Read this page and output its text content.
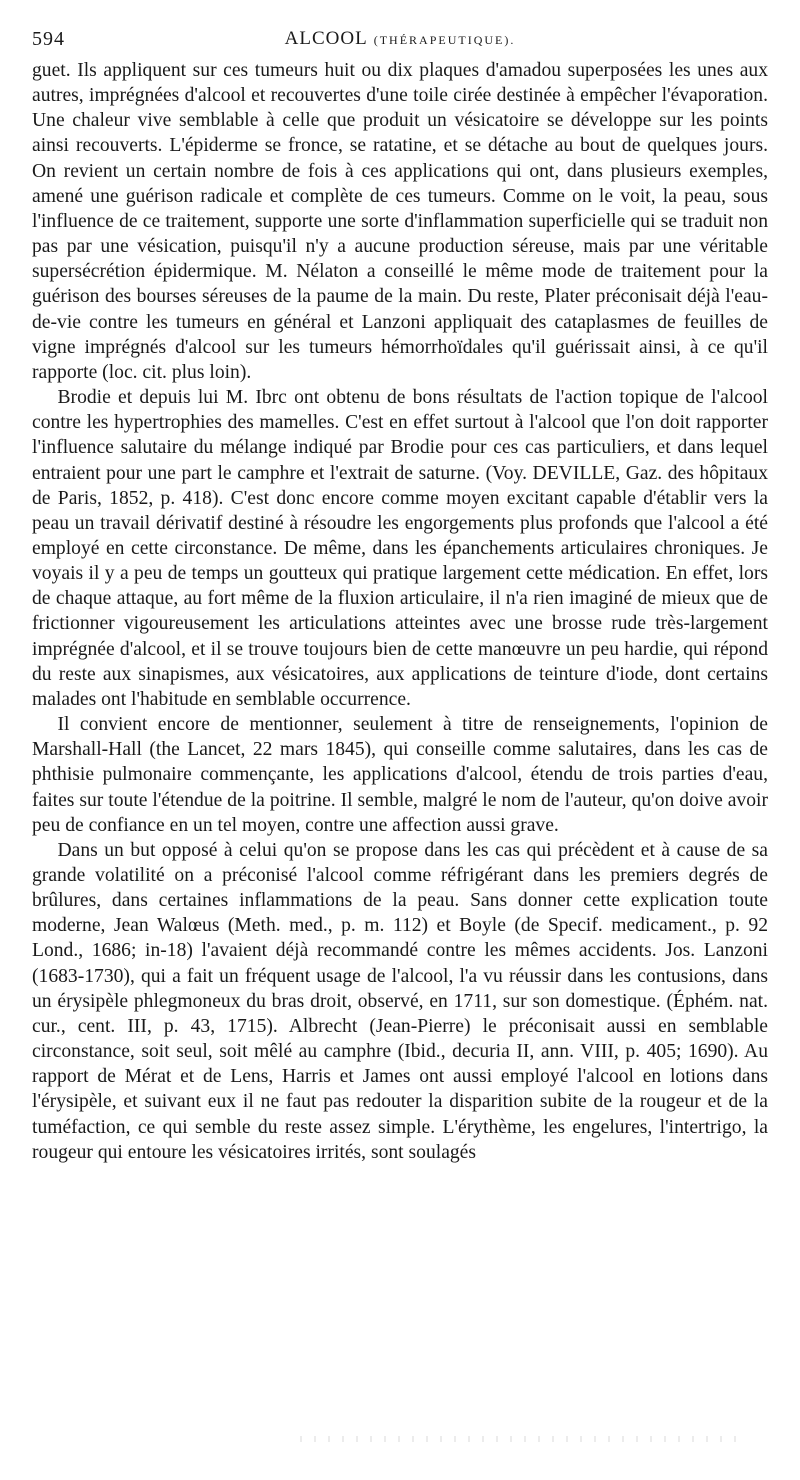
594	ALCOOL (THÉRAPEUTIQUE).

guet. Ils appliquent sur ces tumeurs huit ou dix plaques d'amadou superposées les unes aux autres, imprégnées d'alcool et recouvertes d'une toile cirée destinée à empêcher l'évaporation. Une chaleur vive semblable à celle que produit un vésicatoire se développe sur les points ainsi recouverts. L'épiderme se fronce, se ratatine, et se détache au bout de quelques jours. On revient un certain nombre de fois à ces applications qui ont, dans plusieurs exemples, amené une guérison radicale et complète de ces tumeurs. Comme on le voit, la peau, sous l'influence de ce traitement, supporte une sorte d'inflammation superficielle qui se traduit non pas par une vésication, puisqu'il n'y a aucune production séreuse, mais par une véritable supersécrétion épidermique. M. Nélaton a conseillé le même mode de traitement pour la guérison des bourses séreuses de la paume de la main. Du reste, Plater préconisait déjà l'eau-de-vie contre les tumeurs en général et Lanzoni appliquait des cataplasmes de feuilles de vigne imprégnés d'alcool sur les tumeurs hémorrhoïdales qu'il guérissait ainsi, à ce qu'il rapporte (loc. cit. plus loin).

Brodie et depuis lui M. Ibrc ont obtenu de bons résultats de l'action topique de l'alcool contre les hypertrophies des mamelles. C'est en effet surtout à l'alcool que l'on doit rapporter l'influence salutaire du mélange indiqué par Brodie pour ces cas particuliers, et dans lequel entraient pour une part le camphre et l'extrait de saturne. (Voy. DEVILLE, Gaz. des hôpitaux de Paris, 1852, p. 418). C'est donc encore comme moyen excitant capable d'établir vers la peau un travail dérivatif destiné à résoudre les engorgements plus profonds que l'alcool a été employé en cette circonstance. De même, dans les épanchements articulaires chroniques. Je voyais il y a peu de temps un goutteux qui pratique largement cette médication. En effet, lors de chaque attaque, au fort même de la fluxion articulaire, il n'a rien imaginé de mieux que de frictionner vigoureusement les articulations atteintes avec une brosse rude très-largement imprégnée d'alcool, et il se trouve toujours bien de cette manœuvre un peu hardie, qui répond du reste aux sinapismes, aux vésicatoires, aux applications de teinture d'iode, dont certains malades ont l'habitude en semblable occurrence.

Il convient encore de mentionner, seulement à titre de renseignements, l'opinion de Marshall-Hall (the Lancet, 22 mars 1845), qui conseille comme salutaires, dans les cas de phthisie pulmonaire commençante, les applications d'alcool, étendu de trois parties d'eau, faites sur toute l'étendue de la poitrine. Il semble, malgré le nom de l'auteur, qu'on doive avoir peu de confiance en un tel moyen, contre une affection aussi grave.

Dans un but opposé à celui qu'on se propose dans les cas qui précèdent et à cause de sa grande volatilité on a préconisé l'alcool comme réfrigérant dans les premiers degrés de brûlures, dans certaines inflammations de la peau. Sans donner cette explication toute moderne, Jean Walœus (Meth. med., p. m. 112) et Boyle (de Specif. medicament., p. 92 Lond., 1686; in-18) l'avaient déjà recommandé contre les mêmes accidents. Jos. Lanzoni (1683-1730), qui a fait un fréquent usage de l'alcool, l'a vu réussir dans les contusions, dans un érysipèle phlegmoneux du bras droit, observé, en 1711, sur son domestique. (Éphém. nat. cur., cent. III, p. 43, 1715). Albrecht (Jean-Pierre) le préconisait aussi en semblable circonstance, soit seul, soit mêlé au camphre (Ibid., decuria II, ann. VIII, p. 405; 1690). Au rapport de Mérat et de Lens, Harris et James ont aussi employé l'alcool en lotions dans l'érysipèle, et suivant eux il ne faut pas redouter la disparition subite de la rougeur et de la tuméfaction, ce qui semble du reste assez simple. L'érythème, les engelures, l'intertrigo, la rougeur qui entoure les vésicatoires irrités, sont soulagés
